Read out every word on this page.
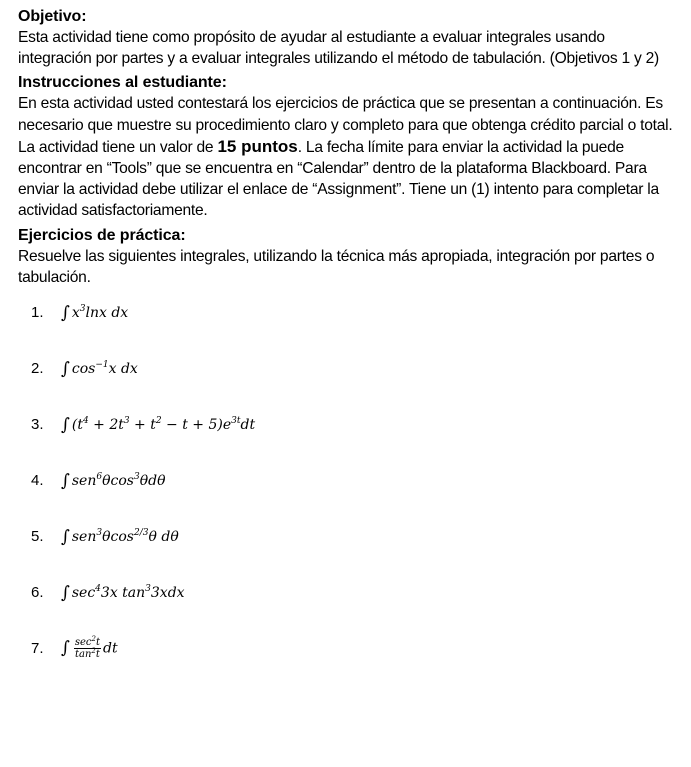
Objetivo:

Esta actividad tiene como propósito de ayudar al estudiante a evaluar integrales usando integración por partes y a evaluar integrales utilizando el método de tabulación. (Objetivos 1 y 2)

Instrucciones al estudiante:

En esta actividad usted contestará los ejercicios de práctica que se presentan a continuación. Es necesario que muestre su procedimiento claro y completo para que obtenga crédito parcial o total. La actividad tiene un valor de 15 puntos. La fecha límite para enviar la actividad la puede encontrar en “Tools” que se encuentra en “Calendar” dentro de la plataforma Blackboard. Para enviar la actividad debe utilizar el enlace de “Assignment”. Tiene un (1) intento para completar la actividad satisfactoriamente.

Ejercicios de práctica:

Resuelve las siguientes integrales, utilizando la técnica más apropiada, integración por partes o tabulación.

1.	∫ $x^3\ln x$ dx
2.	∫ $\cos^{-1}x$ dx
3.	∫ $(t^4 + 2t^3 + t^2 - t + 5)e^{3t}dt$
4.	∫ sen$^6$θcos$^3$θdθ
5.	∫ sen$^3$θcos$^{2/3}$θ dθ
6.	∫ $\sec^43x$ $\tan^33xdx$
7.	∫ $\frac{\sec^2t}{\tan^2t}$ dt
